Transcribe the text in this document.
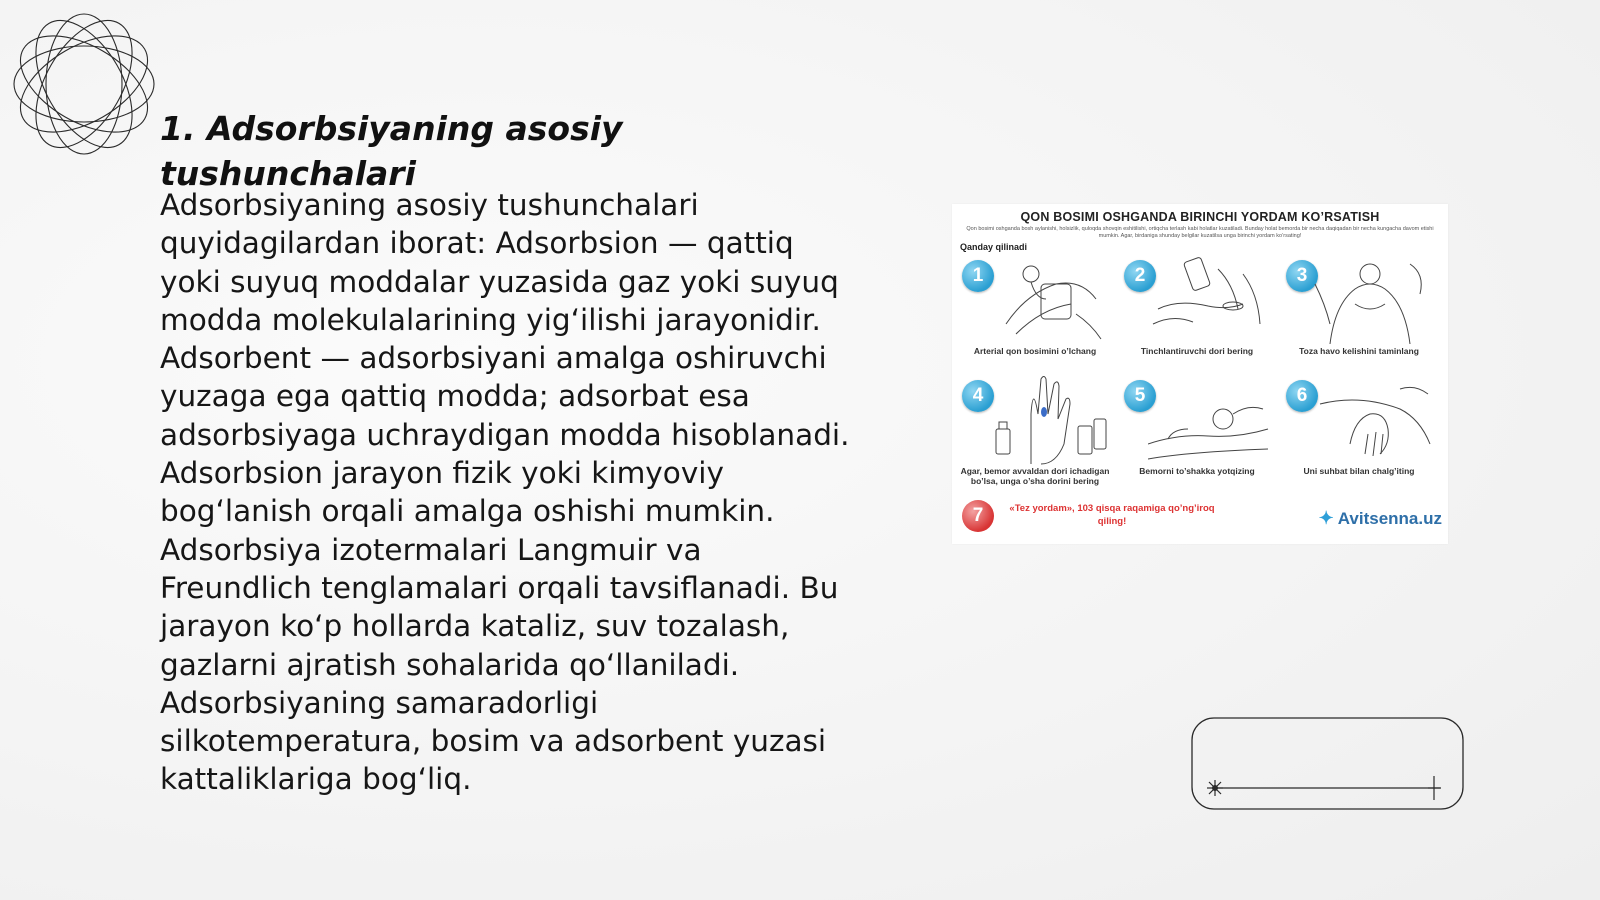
1. Adsorbsiyaning asosiy tushunchalari

Adsorbsiyaning asosiy tushunchalari quyidagilardan iborat: Adsorbsion — qattiq yoki suyuq moddalar yuzasida gaz yoki suyuq modda molekulalarining yig‘ilishi jarayonidir. Adsorbent — adsorbsiyani amalga oshiruvchi yuzaga ega qattiq modda; adsorbat esa adsorbsiyaga uchraydigan modda hisoblanadi. Adsorbsion jarayon fizik yoki kimyoviy bog‘lanish orqali amalga oshishi mumkin. Adsorbsiya izotermalari Langmuir va Freundlich tenglamalari orqali tavsiflanadi. Bu jarayon ko‘p hollarda kataliz, suv tozalash, gazlarni ajratish sohalarida qo‘llaniladi. Adsorbsiyaning samaradorligi silkotemperatura, bosim va adsorbent yuzasi kattaliklariga bog‘liq.

QON BOSIMI OSHGANDA BIRINCHI YORDAM KO’RSATISH
Qon bosimi oshganda bosh aylanishi, holsizlik, quloqda shovqin eshitilishi, ortiqcha terlash kabi holatlar kuzatiladi. Bunday holat bemorda bir necha daqiqadan bir necha kungacha davom etishi mumkin. Agar, birdaniga shunday belgilar kuzatilsa unga birinchi yordam ko’rsating!
Qanday qilinadi
1
Arterial qon bosimini o’lchang
2
Tinchlantiruvchi dori bering
3
Toza havo kelishini taminlang
4
Agar, bemor avvaldan dori ichadigan bo’lsa, unga o’sha dorini bering
5
Bemorni to’shakka yotqizing
6
Uni suhbat bilan chalg’iting
7	«Tez yordam», 103 qisqa raqamiga qo’ng’iroq qiling!	✦ Avitsenna.uz
